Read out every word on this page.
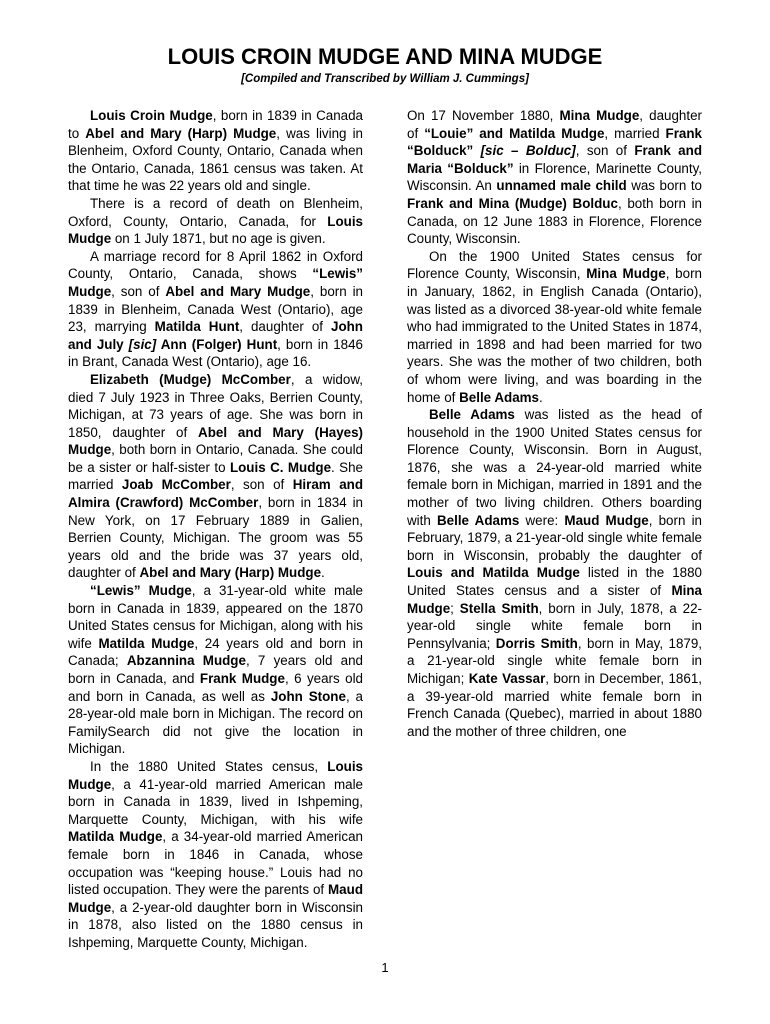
LOUIS CROIN MUDGE AND MINA MUDGE

[Compiled and Transcribed by William J. Cummings]

Louis Croin Mudge, born in 1839 in Canada to Abel and Mary (Harp) Mudge, was living in Blenheim, Oxford County, Ontario, Canada when the Ontario, Canada, 1861 census was taken. At that time he was 22 years old and single.

There is a record of death on Blenheim, Oxford, County, Ontario, Canada, for Louis Mudge on 1 July 1871, but no age is given.

A marriage record for 8 April 1862 in Oxford County, Ontario, Canada, shows “Lewis” Mudge, son of Abel and Mary Mudge, born in 1839 in Blenheim, Canada West (Ontario), age 23, marrying Matilda Hunt, daughter of John and July [sic] Ann (Folger) Hunt, born in 1846 in Brant, Canada West (Ontario), age 16.

Elizabeth (Mudge) McComber, a widow, died 7 July 1923 in Three Oaks, Berrien County, Michigan, at 73 years of age. She was born in 1850, daughter of Abel and Mary (Hayes) Mudge, both born in Ontario, Canada. She could be a sister or half-sister to Louis C. Mudge. She married Joab McComber, son of Hiram and Almira (Crawford) McComber, born in 1834 in New York, on 17 February 1889 in Galien, Berrien County, Michigan. The groom was 55 years old and the bride was 37 years old, daughter of Abel and Mary (Harp) Mudge.

“Lewis” Mudge, a 31-year-old white male born in Canada in 1839, appeared on the 1870 United States census for Michigan, along with his wife Matilda Mudge, 24 years old and born in Canada; Abzannina Mudge, 7 years old and born in Canada, and Frank Mudge, 6 years old and born in Canada, as well as John Stone, a 28-year-old male born in Michigan. The record on FamilySearch did not give the location in Michigan.

In the 1880 United States census, Louis Mudge, a 41-year-old married American male born in Canada in 1839, lived in Ishpeming, Marquette County, Michigan, with his wife Matilda Mudge, a 34-year-old married American female born in 1846 in Canada, whose occupation was “keeping house.” Louis had no listed occupation. They were the parents of Maud Mudge, a 2-year-old daughter born in Wisconsin in 1878, also listed on the 1880 census in Ishpeming, Marquette County, Michigan.

On 17 November 1880, Mina Mudge, daughter of “Louie” and Matilda Mudge, married Frank “Bolduck” [sic – Bolduc], son of Frank and Maria “Bolduck” in Florence, Marinette County, Wisconsin. An unnamed male child was born to Frank and Mina (Mudge) Bolduc, both born in Canada, on 12 June 1883 in Florence, Florence County, Wisconsin.

On the 1900 United States census for Florence County, Wisconsin, Mina Mudge, born in January, 1862, in English Canada (Ontario), was listed as a divorced 38-year-old white female who had immigrated to the United States in 1874, married in 1898 and had been married for two years. She was the mother of two children, both of whom were living, and was boarding in the home of Belle Adams.

Belle Adams was listed as the head of household in the 1900 United States census for Florence County, Wisconsin. Born in August, 1876, she was a 24-year-old married white female born in Michigan, married in 1891 and the mother of two living children. Others boarding with Belle Adams were: Maud Mudge, born in February, 1879, a 21-year-old single white female born in Wisconsin, probably the daughter of Louis and Matilda Mudge listed in the 1880 United States census and a sister of Mina Mudge; Stella Smith, born in July, 1878, a 22-year-old single white female born in Pennsylvania; Dorris Smith, born in May, 1879, a 21-year-old single white female born in Michigan; Kate Vassar, born in December, 1861, a 39-year-old married white female born in French Canada (Quebec), married in about 1880 and the mother of three children, one

1
